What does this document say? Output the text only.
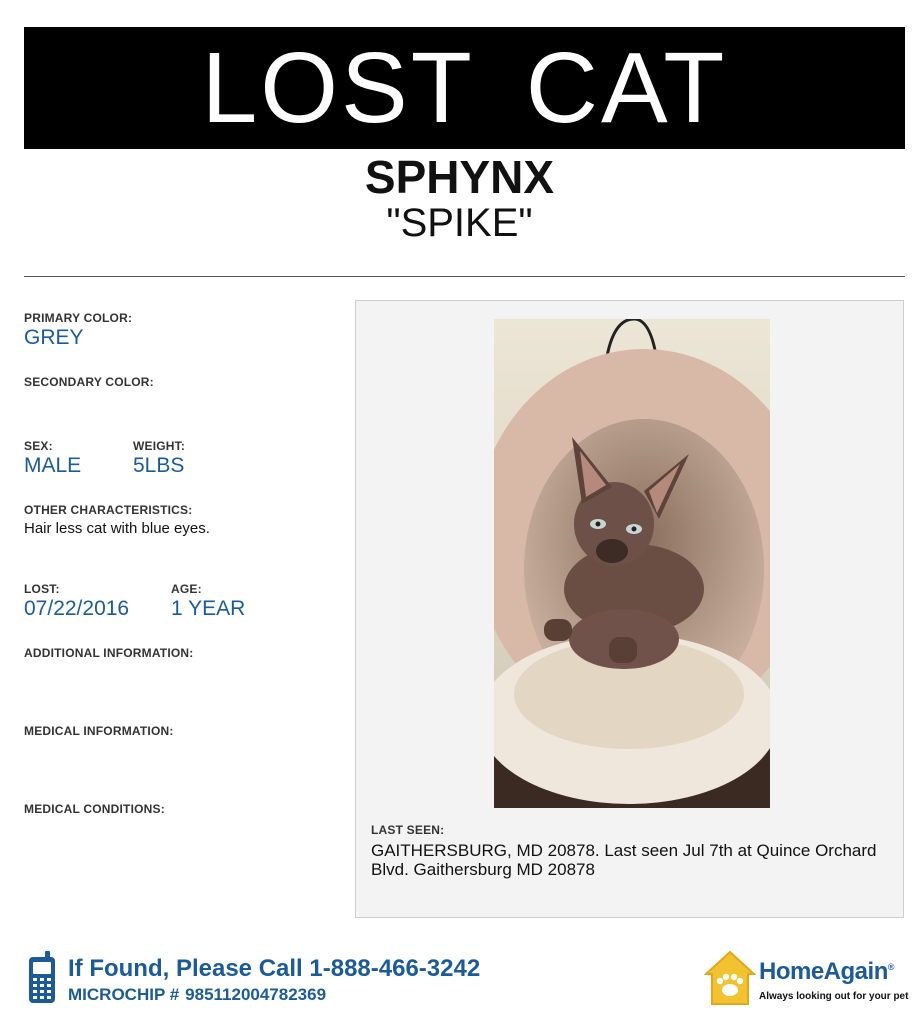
LOST CAT
SPHYNX
"SPIKE"
PRIMARY COLOR:
GREY
SECONDARY COLOR:
SEX:
MALE
WEIGHT:
5LBS
OTHER CHARACTERISTICS:
Hair less cat with blue eyes.
LOST:
07/22/2016
AGE:
1 YEAR
ADDITIONAL INFORMATION:
MEDICAL INFORMATION:
MEDICAL CONDITIONS:
LAST SEEN:
GAITHERSBURG, MD 20878. Last seen Jul 7th at Quince Orchard Blvd. Gaithersburg MD 20878
If Found, Please Call 1-888-466-3242
MICROCHIP # 985112004782369
HomeAgain®
Always looking out for your pet
